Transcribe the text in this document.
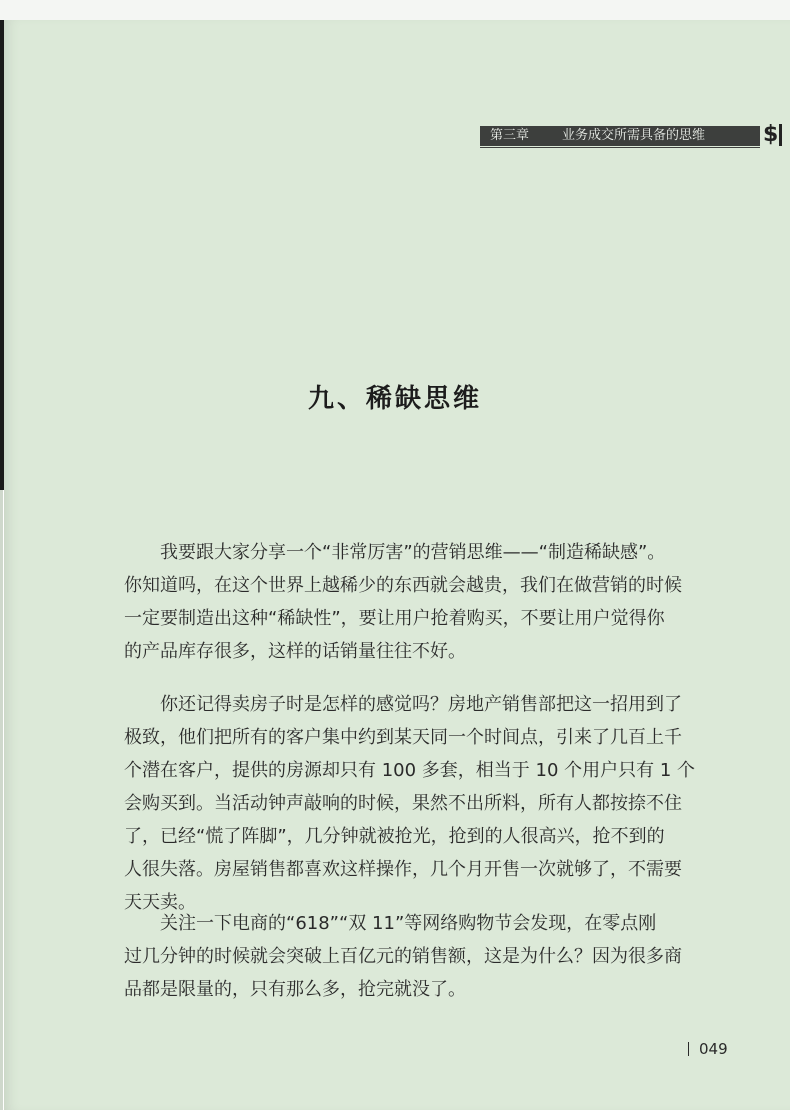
第三章	业务成交所需具备的思维	$
九、稀缺思维

　　我要跟大家分享一个“非常厉害”的营销思维——“制造稀缺感”。
你知道吗，在这个世界上越稀少的东西就会越贵，我们在做营销的时候
一定要制造出这种“稀缺性”，要让用户抢着购买，不要让用户觉得你
的产品库存很多，这样的话销量往往不好。

　　你还记得卖房子时是怎样的感觉吗？房地产销售部把这一招用到了
极致，他们把所有的客户集中约到某天同一个时间点，引来了几百上千
个潜在客户，提供的房源却只有 100 多套，相当于 10 个用户只有 1 个
会购买到。当活动钟声敲响的时候，果然不出所料，所有人都按捺不住
了，已经“慌了阵脚”，几分钟就被抢光，抢到的人很高兴，抢不到的
人很失落。房屋销售都喜欢这样操作，几个月开售一次就够了，不需要
天天卖。

　　关注一下电商的“618”“双 11”等网络购物节会发现，在零点刚
过几分钟的时候就会突破上百亿元的销售额，这是为什么？因为很多商
品都是限量的，只有那么多，抢完就没了。

049
